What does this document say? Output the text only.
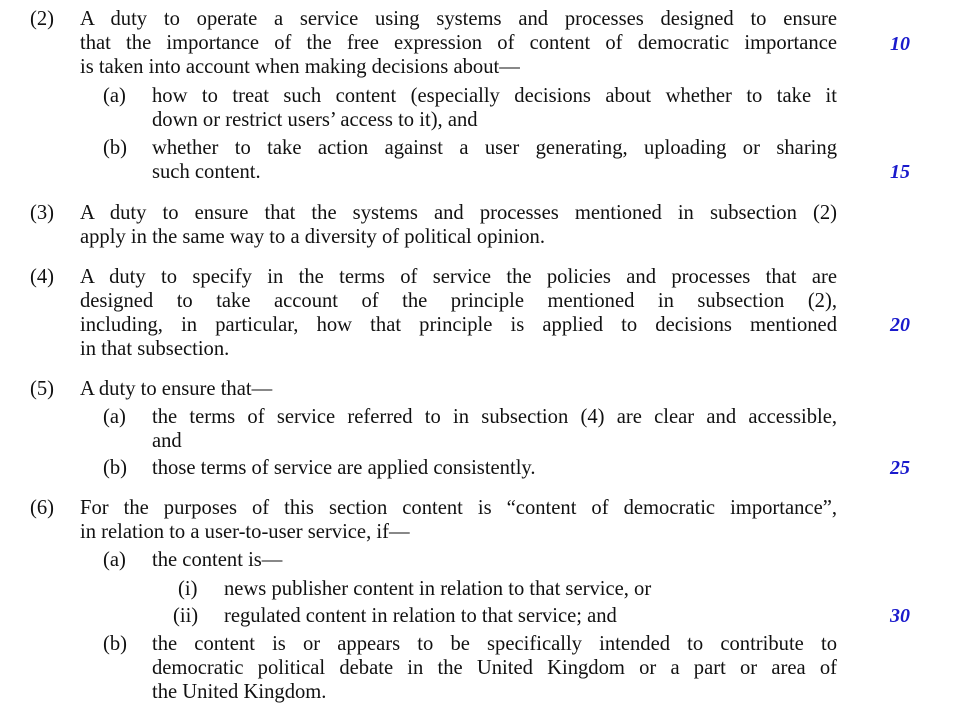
(2) A duty to operate a service using systems and processes designed to ensure
that the importance of the free expression of content of democratic importance
is taken into account when making decisions about—
(a) how to treat such content (especially decisions about whether to take it
down or restrict users’ access to it), and
(b) whether to take action against a user generating, uploading or sharing
such content.
(3) A duty to ensure that the systems and processes mentioned in subsection (2)
apply in the same way to a diversity of political opinion.
(4) A duty to specify in the terms of service the policies and processes that are
designed to take account of the principle mentioned in subsection (2),
including, in particular, how that principle is applied to decisions mentioned
in that subsection.
(5) A duty to ensure that—
(a) the terms of service referred to in subsection (4) are clear and accessible,
and
(b) those terms of service are applied consistently.
(6) For the purposes of this section content is “content of democratic importance”,
in relation to a user-to-user service, if—
(a) the content is—
(i) news publisher content in relation to that service, or
(ii) regulated content in relation to that service; and
(b) the content is or appears to be specifically intended to contribute to
democratic political debate in the United Kingdom or a part or area of
the United Kingdom.
10
15
20
25
30
